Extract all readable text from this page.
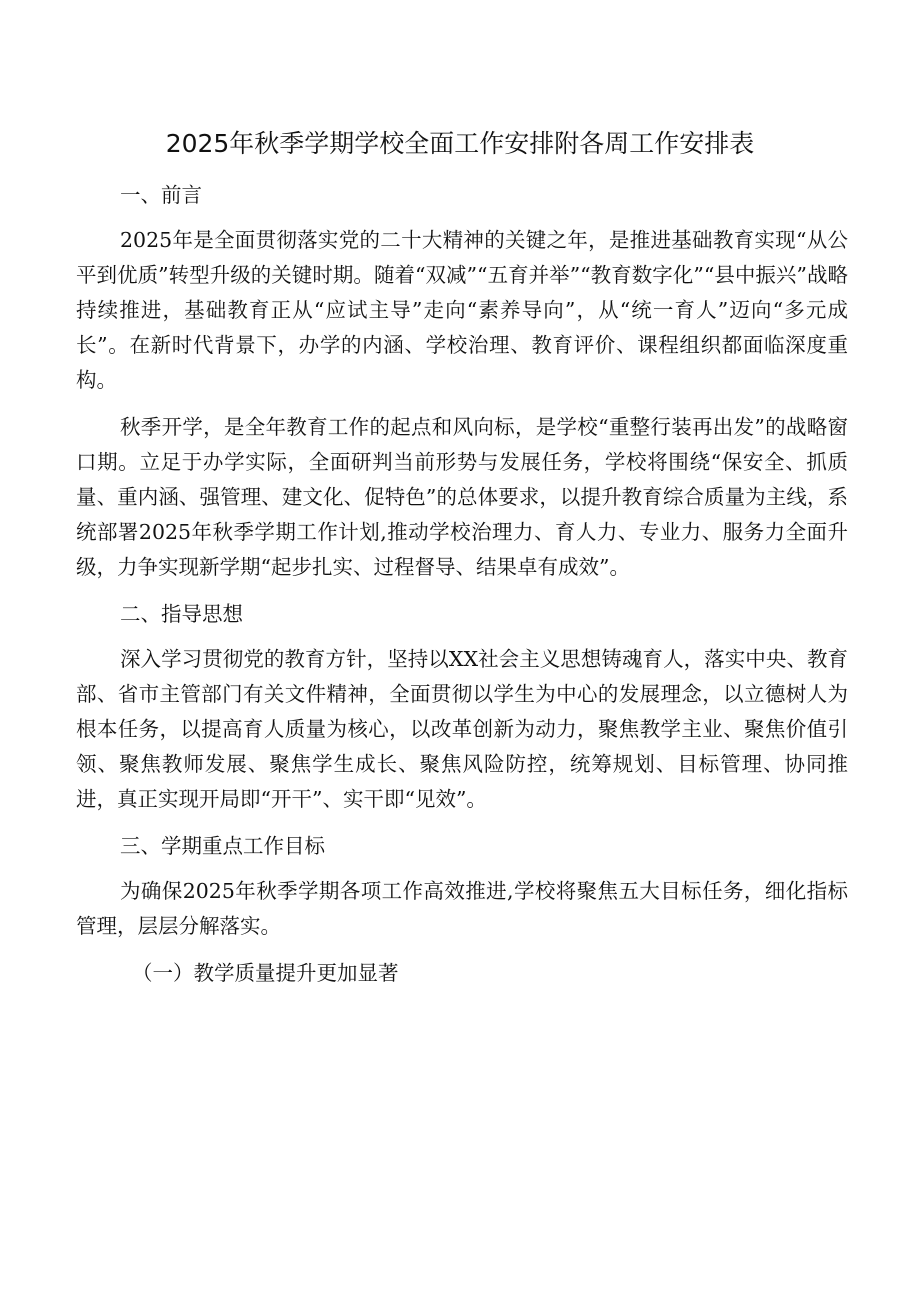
2025年秋季学期学校全面工作安排附各周工作安排表

一、前言

2025年是全面贯彻落实党的二十大精神的关键之年，是推进基础教育实现“从公平到优质”转型升级的关键时期。随着“双减”“五育并举”“教育数字化”“县中振兴”战略持续推进，基础教育正从“应试主导”走向“素养导向”，从“统一育人”迈向“多元成长”。在新时代背景下，办学的内涵、学校治理、教育评价、课程组织都面临深度重构。

秋季开学，是全年教育工作的起点和风向标，是学校“重整行装再出发”的战略窗口期。立足于办学实际，全面研判当前形势与发展任务，学校将围绕“保安全、抓质量、重内涵、强管理、建文化、促特色”的总体要求，以提升教育综合质量为主线，系统部署2025年秋季学期工作计划,推动学校治理力、育人力、专业力、服务力全面升级，力争实现新学期“起步扎实、过程督导、结果卓有成效”。

二、指导思想

深入学习贯彻党的教育方针，坚持以XX社会主义思想铸魂育人，落实中央、教育部、省市主管部门有关文件精神，全面贯彻以学生为中心的发展理念，以立德树人为根本任务，以提高育人质量为核心，以改革创新为动力，聚焦教学主业、聚焦价值引领、聚焦教师发展、聚焦学生成长、聚焦风险防控，统筹规划、目标管理、协同推进，真正实现开局即“开干”、实干即“见效”。

三、学期重点工作目标

为确保2025年秋季学期各项工作高效推进,学校将聚焦五大目标任务，细化指标管理，层层分解落实。

（一）教学质量提升更加显著
